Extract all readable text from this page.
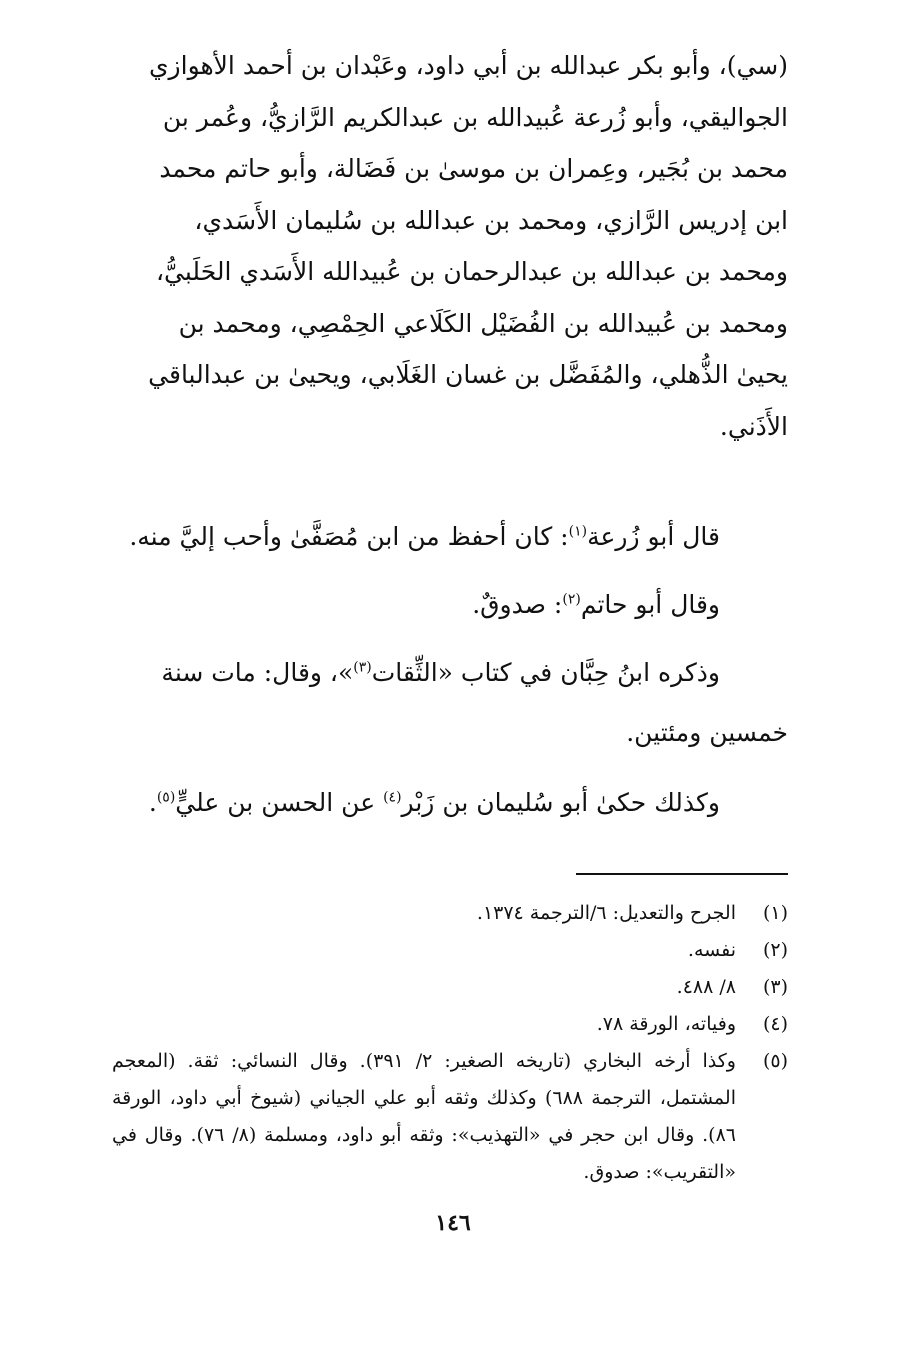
(سي)، وأبو بكر عبدالله بن أبي داود، وعَبْدان بن أحمد الأهوازي

الجواليقي، وأبو زُرعة عُبيدالله بن عبدالكريم الرَّازيُّ، وعُمر بن

محمد بن بُجَير، وعِمران بن موسىٰ بن فَضَالة، وأبو حاتم محمد

ابن إدريس الرَّازي، ومحمد بن عبدالله بن سُليمان الأَسَدي،

ومحمد بن عبدالله بن عبدالرحمان بن عُبيدالله الأَسَدي الحَلَبيُّ،

ومحمد بن عُبيدالله بن الفُضَيْل الكَلَاعي الحِمْصِي، ومحمد بن

يحيىٰ الذُّهلي، والمُفَضَّل بن غسان الغَلَابي، ويحيىٰ بن عبدالباقي

الأَذَني.

قال أبو زُرعة$^{(١)}$: كان أحفظ من ابن مُصَفَّىٰ وأحب إليَّ منه.

وقال أبو حاتم$^{(٢)}$: صدوقٌ.

وذكره ابنُ حِبَّان في كتاب «الثِّقات$^{(٣)}$»، وقال: مات سنة

خمسين ومئتين.

وكذلك حكىٰ أبو سُليمان بن زَبْر$^{(٤)}$ عن الحسن بن عليٍّ$^{(٥)}$.

(١)
الجرح والتعديل: ٦/الترجمة ١٣٧٤.
(٢)
نفسه.
(٣)
٨/ ٤٨٨.
(٤)
وفياته، الورقة ٧٨.
(٥)
وكذا أرخه البخاري (تاريخه الصغير: ٢/ ٣٩١). وقال النسائي: ثقة. (المعجم المشتمل، الترجمة ٦٨٨) وكذلك وثقه أبو علي الجياني (شيوخ أبي داود، الورقة ٨٦). وقال ابن حجر في «التهذيب»: وثقه أبو داود، ومسلمة (٨/ ٧٦). وقال في «التقريب»: صدوق.
١٤٦
